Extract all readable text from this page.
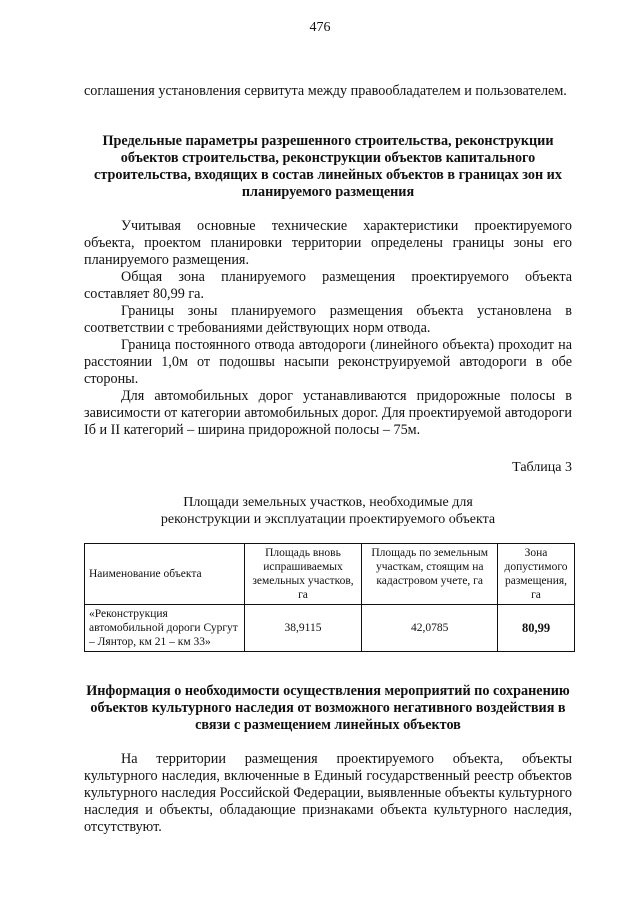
476

соглашения установления сервитута между правообладателем и пользователем.

Предельные параметры разрешенного строительства, реконструкции объектов строительства, реконструкции объектов капитального строительства, входящих в состав линейных объектов в границах зон их планируемого размещения

Учитывая основные технические характеристики проектируемого объекта, проектом планировки территории определены границы зоны его планируемого размещения.

Общая зона планируемого размещения проектируемого объекта составляет 80,99 га.

Границы зоны планируемого размещения объекта установлена в соответствии с требованиями действующих норм отвода.

Граница постоянного отвода автодороги (линейного объекта) проходит на расстоянии 1,0м от подошвы насыпи реконструируемой автодороги в обе стороны.

Для автомобильных дорог устанавливаются придорожные полосы в зависимости от категории автомобильных дорог. Для проектируемой автодороги Iб и II категорий – ширина придорожной полосы – 75м.

Таблица 3
Площади земельных участков, необходимые для
реконструкции и эксплуатации проектируемого объекта
Наименование объекта	Площадь вновь испрашиваемых земельных участков, га	Площадь по земельным участкам, стоящим на кадастровом учете, га	Зона допустимого размещения, га
«Реконструкция автомобильной дороги Сургут – Лянтор, км 21 – км 33»	38,9115	42,0785	80,99
Информация о необходимости осуществления мероприятий по сохранению объектов культурного наследия от возможного негативного воздействия в связи с размещением линейных объектов

На территории размещения проектируемого объекта, объекты культурного наследия, включенные в Единый государственный реестр объектов культурного наследия Российской Федерации, выявленные объекты культурного наследия и объекты, обладающие признаками объекта культурного наследия, отсутствуют.
